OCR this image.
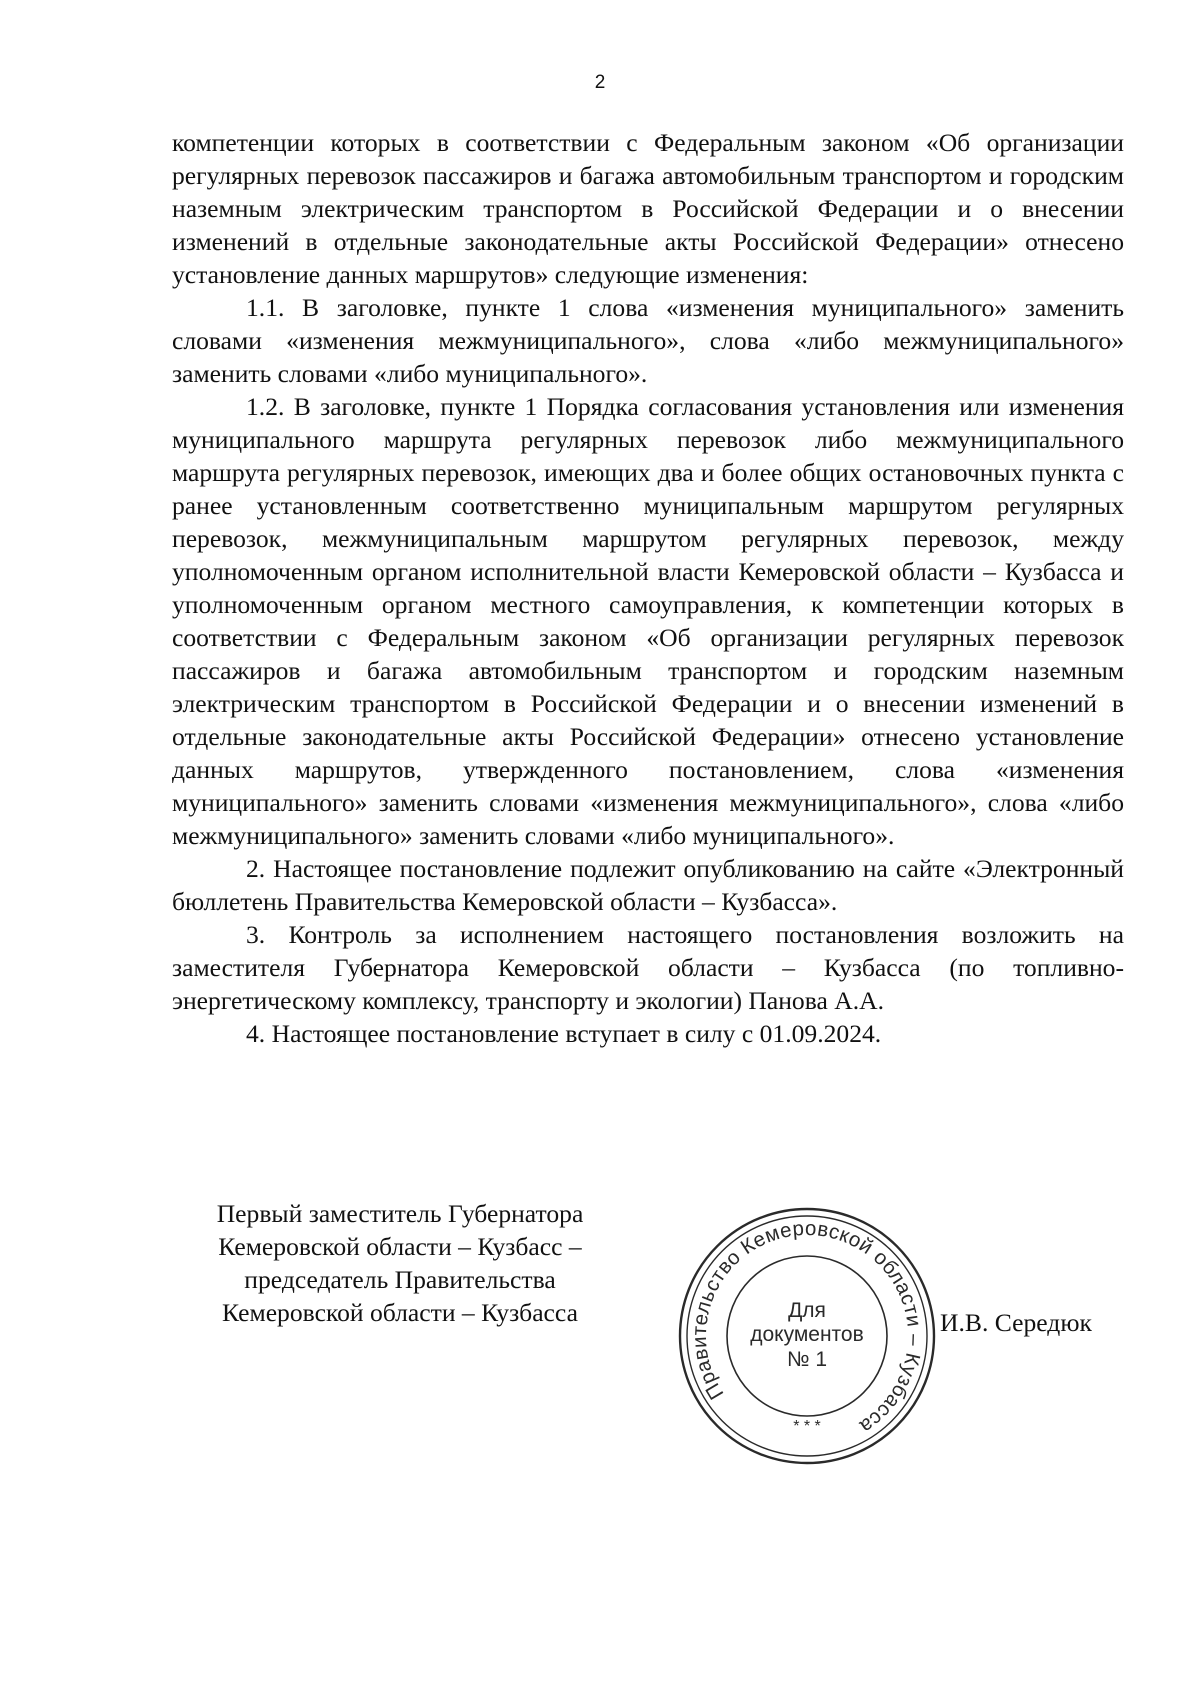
2

компетенции которых в соответствии с Федеральным законом «Об организации регулярных перевозок пассажиров и багажа автомобильным транспортом и городским наземным электрическим транспортом в Российской Федерации и о внесении изменений в отдельные законодательные акты Российской Федерации» отнесено установление данных маршрутов» следующие изменения:

1.1. В заголовке, пункте 1 слова «изменения муниципального» заменить словами «изменения межмуниципального», слова «либо межмуниципального» заменить словами «либо муниципального».

1.2. В заголовке, пункте 1 Порядка согласования установления или изменения муниципального маршрута регулярных перевозок либо межмуниципального маршрута регулярных перевозок, имеющих два и более общих остановочных пункта с ранее установленным соответственно муниципальным маршрутом регулярных перевозок, межмуниципальным маршрутом регулярных перевозок, между уполномоченным органом исполнительной власти Кемеровской области – Кузбасса и уполномоченным органом местного самоуправления, к компетенции которых в соответствии с Федеральным законом «Об организации регулярных перевозок пассажиров и багажа автомобильным транспортом и городским наземным электрическим транспортом в Российской Федерации и о внесении изменений в отдельные законодательные акты Российской Федерации» отнесено установление данных маршрутов, утвержденного постановлением, слова «изменения муниципального» заменить словами «изменения межмуниципального», слова «либо межмуниципального» заменить словами «либо муниципального».

2. Настоящее постановление подлежит опубликованию на сайте «Электронный бюллетень Правительства Кемеровской области – Кузбасса».

3. Контроль за исполнением настоящего постановления возложить на заместителя Губернатора Кемеровской области – Кузбасса (по топливно-энергетическому комплексу, транспорту и экологии) Панова А.А.

4. Настоящее постановление вступает в силу с 01.09.2024.

Первый заместитель Губернатора
Кемеровской области – Кузбасс –
председатель Правительства
Кемеровской области – Кузбасса
Правительство Кемеровской области – Кузбасса
* * *
Для
документов
№ 1
И.В. Середюк
